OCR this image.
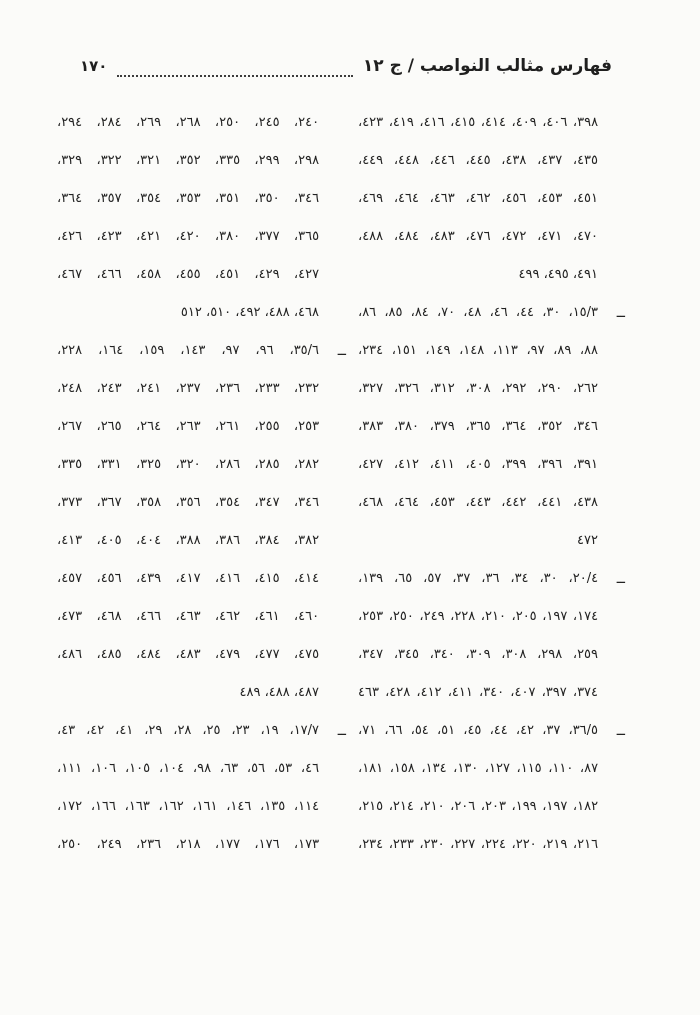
فهارس مثالب النواصب / ج ١٢
١٧٠
٣٩٨، ٤٠٦، ٤٠٩، ٤١٤، ٤١٥، ٤١٦، ٤١٩، ٤٢٣،
٤٣٥، ٤٣٧، ٤٣٨، ٤٤٥، ٤٤٦، ٤٤٨، ٤٤٩،
٤٥١، ٤٥٣، ٤٥٦، ٤٦٢، ٤٦٣، ٤٦٤، ٤٦٩،
٤٧٠، ٤٧١، ٤٧٢، ٤٧٦، ٤٨٣، ٤٨٤، ٤٨٨،
٤٩١، ٤٩٥، ٤٩٩
ــ
١٥/٣، ٣٠، ٤٤، ٤٦، ٤٨، ٧٠، ٨٤، ٨٥، ٨٦،
٨٨، ٨٩، ٩٧، ١١٣، ١٤٨، ١٤٩، ١٥١، ٢٣٤،
٢٦٢، ٢٩٠، ٢٩٢، ٣٠٨، ٣١٢، ٣٢٦، ٣٢٧،
٣٤٦، ٣٥٢، ٣٦٤، ٣٦٥، ٣٧٩، ٣٨٠، ٣٨٣،
٣٩١، ٣٩٦، ٣٩٩، ٤٠٥، ٤١١، ٤١٢، ٤٢٧،
٤٣٨، ٤٤١، ٤٤٢، ٤٤٣، ٤٥٣، ٤٦٤، ٤٦٨،
٤٧٢
ــ
٢٠/٤، ٣٠، ٣٤، ٣٦، ٣٧، ٥٧، ٦٥، ١٣٩،
١٧٤، ١٩٧، ٢٠٥، ٢١٠، ٢٢٨، ٢٤٩، ٢٥٠، ٢٥٣،
٢٥٩، ٢٩٨، ٣٠٨، ٣٠٩، ٣٤٠، ٣٤٥، ٣٤٧،
٣٧٤، ٣٩٧، ٤٠٧، ٣٤٠، ٤١١، ٤١٢، ٤٢٨، ٤٦٣
ــ
٣٦/٥، ٣٧، ٤٢، ٤٤، ٤٥، ٥١، ٥٤، ٦٦، ٧١،
٨٧، ١١٠، ١١٥، ١٢٧، ١٣٠، ١٣٤، ١٥٨، ١٨١،
١٨٢، ١٩٧، ١٩٩، ٢٠٣، ٢٠٦، ٢١٠، ٢١٤، ٢١٥،
٢١٦، ٢١٩، ٢٢٠، ٢٢٤، ٢٢٧، ٢٣٠، ٢٣٣، ٢٣٤،
٢٤٠، ٢٤٥، ٢٥٠، ٢٦٨، ٢٦٩، ٢٨٤، ٢٩٤،
٢٩٨، ٢٩٩، ٣٣٥، ٣٥٢، ٣٢١، ٣٢٢، ٣٢٩،
٣٤٦، ٣٥٠، ٣٥١، ٣٥٣، ٣٥٤، ٣٥٧، ٣٦٤،
٣٦٥، ٣٧٧، ٣٨٠، ٤٢٠، ٤٢١، ٤٢٣، ٤٢٦،
٤٢٧، ٤٢٩، ٤٥١، ٤٥٥، ٤٥٨، ٤٦٦، ٤٦٧،
٤٦٨، ٤٨٨، ٤٩٢، ٥١٠، ٥١٢
ــ
٣٥/٦، ٩٦، ٩٧، ١٤٣، ١٥٩، ١٦٤، ٢٢٨،
٢٣٢، ٢٣٣، ٢٣٦، ٢٣٧، ٢٤١، ٢٤٣، ٢٤٨،
٢٥٣، ٢٥٥، ٢٦١، ٢٦٣، ٢٦٤، ٢٦٥، ٢٦٧،
٢٨٢، ٢٨٥، ٢٨٦، ٣٢٠، ٣٢٥، ٣٣١، ٣٣٥،
٣٤٦، ٣٤٧، ٣٥٤، ٣٥٦، ٣٥٨، ٣٦٧، ٣٧٣،
٣٨٢، ٣٨٤، ٣٨٦، ٣٨٨، ٤٠٤، ٤٠٥، ٤١٣،
٤١٤، ٤١٥، ٤١٦، ٤١٧، ٤٣٩، ٤٥٦، ٤٥٧،
٤٦٠، ٤٦١، ٤٦٢، ٤٦٣، ٤٦٦، ٤٦٨، ٤٧٣،
٤٧٥، ٤٧٧، ٤٧٩، ٤٨٣، ٤٨٤، ٤٨٥، ٤٨٦،
٤٨٧، ٤٨٨، ٤٨٩
ــ
١٧/٧، ١٩، ٢٣، ٢٥، ٢٨، ٢٩، ٤١، ٤٢، ٤٣،
٤٦، ٥٣، ٥٦، ٦٣، ٩٨، ١٠٤، ١٠٥، ١٠٦، ١١١،
١١٤، ١٣٥، ١٤٦، ١٦١، ١٦٢، ١٦٣، ١٦٦، ١٧٢،
١٧٣، ١٧٦، ١٧٧، ٢١٨، ٢٣٦، ٢٤٩، ٢٥٠،
